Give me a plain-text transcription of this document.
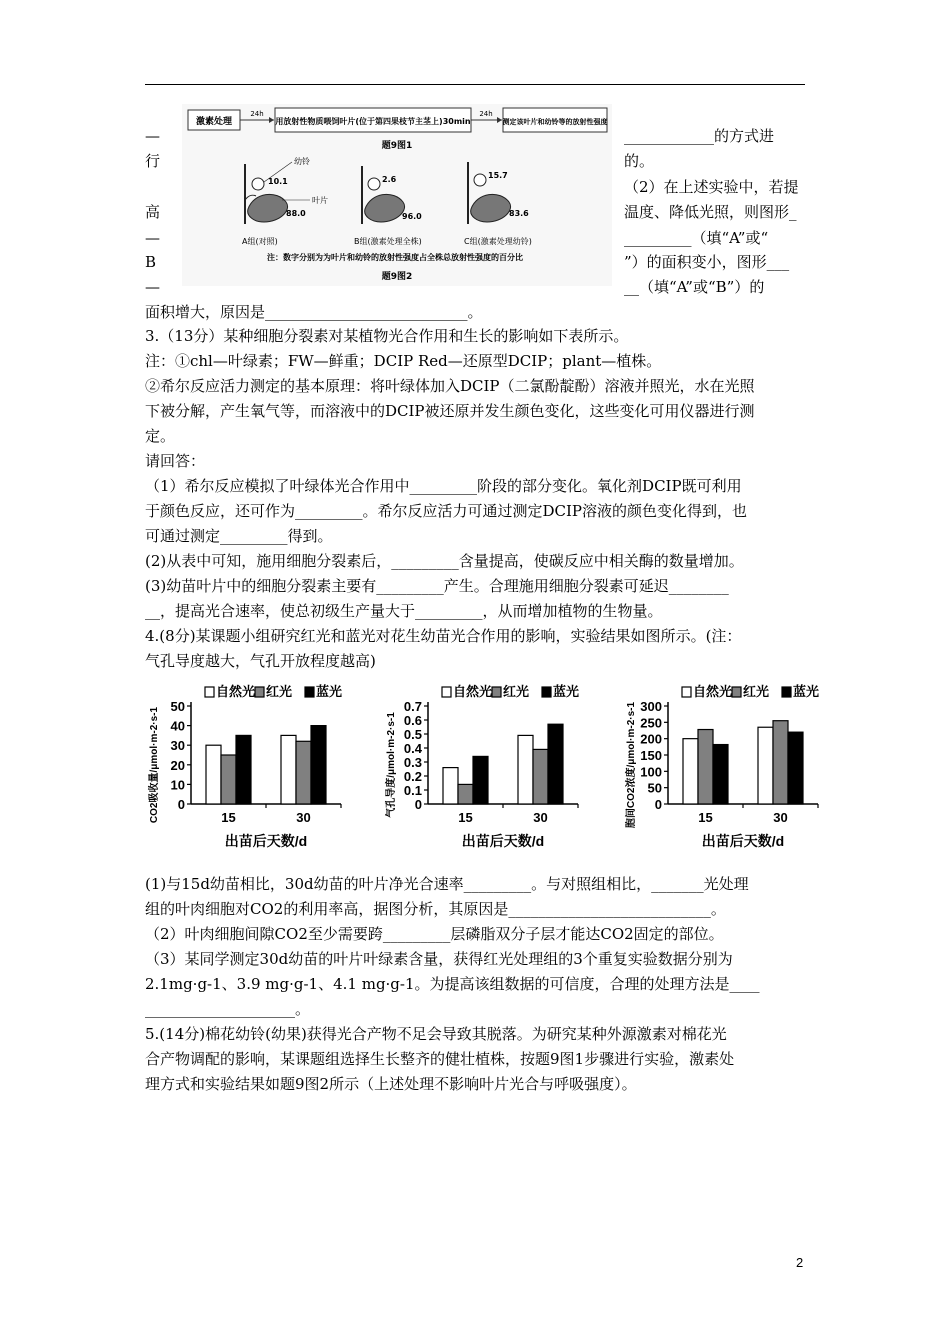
激素处理
24h
用放射性物质喂饲叶片(位于第四果枝节主茎上)30min
24h
测定该叶片和幼铃等的放射性强度
题9图1
幼铃
叶片
10.1
88.0
A组(对照)
2.6
96.0
B组(激素处理全株)
15.7
83.6
C组(激素处理幼铃)
注：数字分别为为叶片和幼铃的放射性强度占全株总放射性强度的百分比
题9图2
—
行
高
—
B
—
____________的方式进
的。
（2）在上述实验中，若提
温度、降低光照，则图形_
_________（填“A”或“
”）的面积变小，图形___
__（填“A”或“B”）的
面积增大，原因是___________________________。
3.（13分）某种细胞分裂素对某植物光合作用和生长的影响如下表所示。
注：①chl—叶绿素；FW—鲜重；DCIP Red—还原型DCIP；plant—植株。
②希尔反应活力测定的基本原理：将叶绿体加入DCIP（二氯酚靛酚）溶液并照光，水在光照
下被分解，产生氧气等，而溶液中的DCIP被还原并发生颜色变化，这些变化可用仪器进行测
定。
请回答：
（1）希尔反应模拟了叶绿体光合作用中_________阶段的部分变化。氧化剂DCIP既可利用
于颜色反应，还可作为_________。希尔反应活力可通过测定DCIP溶液的颜色变化得到，也
可通过测定_________得到。
(2)从表中可知，施用细胞分裂素后，_________含量提高，使碳反应中相关酶的数量增加。
(3)幼苗叶片中的细胞分裂素主要有_________产生。合理施用细胞分裂素可延迟________
__，提高光合速率，使总初级生产量大于_________，从而增加植物的生物量。
4.(8分)某课题小组研究红光和蓝光对花生幼苗光合作用的影响，实验结果如图所示。(注：
气孔导度越大，气孔开放程度越高)
自然光 红光 蓝光
0
10
20
30
40
50
15	30
出苗后天数/d
CO2吸收量/μmol·m-2·s-1
自然光 红光 蓝光
0
0.1
0.2
0.3
0.4
0.5
0.6
0.7
15	30
出苗后天数/d
气孔导度/μmol·m-2·s-1
自然光 红光 蓝光
0
50
100
150
200
250
300
15	30
出苗后天数/d
胞间CO2浓度/μmol·m-2·s-1
(1)与15d幼苗相比，30d幼苗的叶片净光合速率_________。与对照组相比，_______光处理
组的叶肉细胞对CO2的利用率高，据图分析，其原因是___________________________。
（2）叶肉细胞间隙CO2至少需要跨_________层磷脂双分子层才能达CO2固定的部位。
（3）某同学测定30d幼苗的叶片叶绿素含量，获得红光处理组的3个重复实验数据分别为
2.1mg·g-1、3.9 mg·g-1、4.1 mg·g-1。为提高该组数据的可信度，合理的处理方法是____
____________________。
5.(14分)棉花幼铃(幼果)获得光合产物不足会导致其脱落。为研究某种外源激素对棉花光
合产物调配的影响，某课题组选择生长整齐的健壮植株，按题9图1步骤进行实验，激素处
理方式和实验结果如题9图2所示（上述处理不影响叶片光合与呼吸强度）。
2
